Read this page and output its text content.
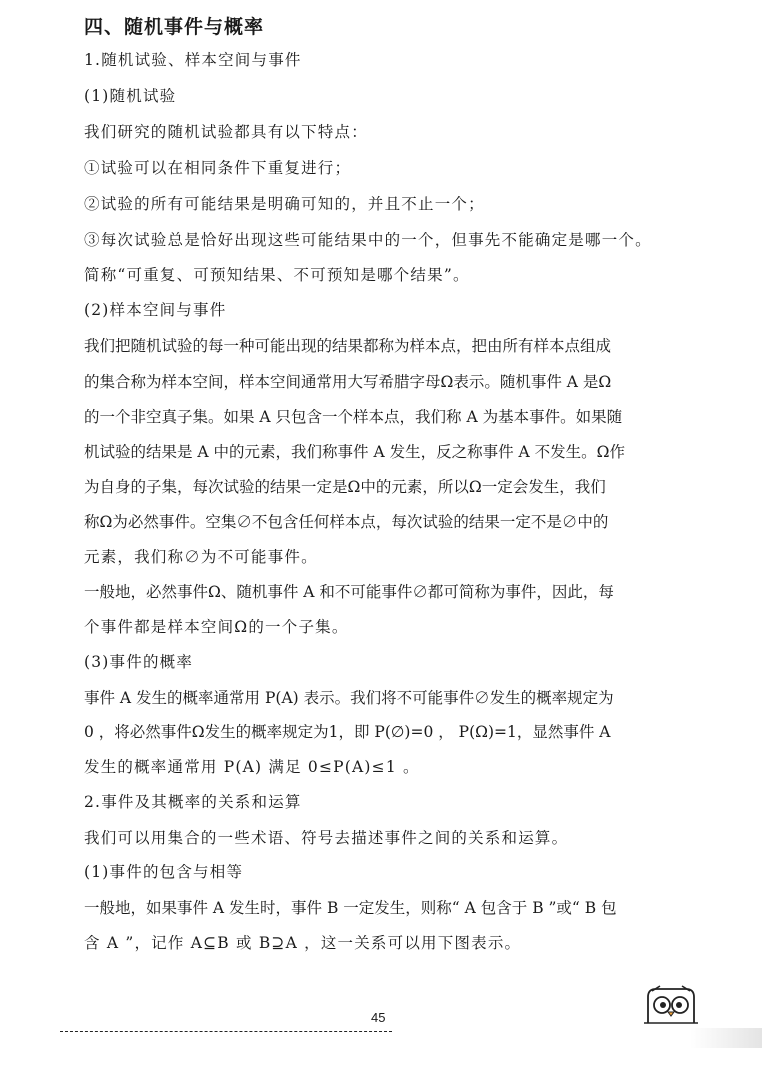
四、随机事件与概率
1.随机试验、样本空间与事件
(1)随机试验
我们研究的随机试验都具有以下特点：
①试验可以在相同条件下重复进行；
②试验的所有可能结果是明确可知的，并且不止一个；
③每次试验总是恰好出现这些可能结果中的一个，但事先不能确定是哪一个。
简称“可重复、可预知结果、不可预知是哪个结果”。
(2)样本空间与事件
我们把随机试验的每一种可能出现的结果都称为样本点，把由所有样本点组成
的集合称为样本空间，样本空间通常用大写希腊字母Ω表示。随机事件 A 是Ω
的一个非空真子集。如果 A 只包含一个样本点，我们称 A 为基本事件。如果随
机试验的结果是 A 中的元素，我们称事件 A 发生，反之称事件 A 不发生。Ω作
为自身的子集，每次试验的结果一定是Ω中的元素，所以Ω一定会发生，我们
称Ω为必然事件。空集∅不包含任何样本点，每次试验的结果一定不是∅中的
元素，我们称∅为不可能事件。
一般地，必然事件Ω、随机事件 A 和不可能事件∅都可简称为事件，因此，每
个事件都是样本空间Ω的一个子集。
(3)事件的概率
事件 A 发生的概率通常用 P(A) 表示。我们将不可能事件∅发生的概率规定为
0 ，将必然事件Ω发生的概率规定为1，即 P(∅)=0 ， P(Ω)=1，显然事件 A
发生的概率通常用 P(A) 满足 0≤P(A)≤1 。
2.事件及其概率的关系和运算
我们可以用集合的一些术语、符号去描述事件之间的关系和运算。
(1)事件的包含与相等
一般地，如果事件 A 发生时，事件 B 一定发生，则称“ A 包含于 B ”或“ B 包
含 A ”，记作 A⊆B 或 B⊇A ，这一关系可以用下图表示。
45
